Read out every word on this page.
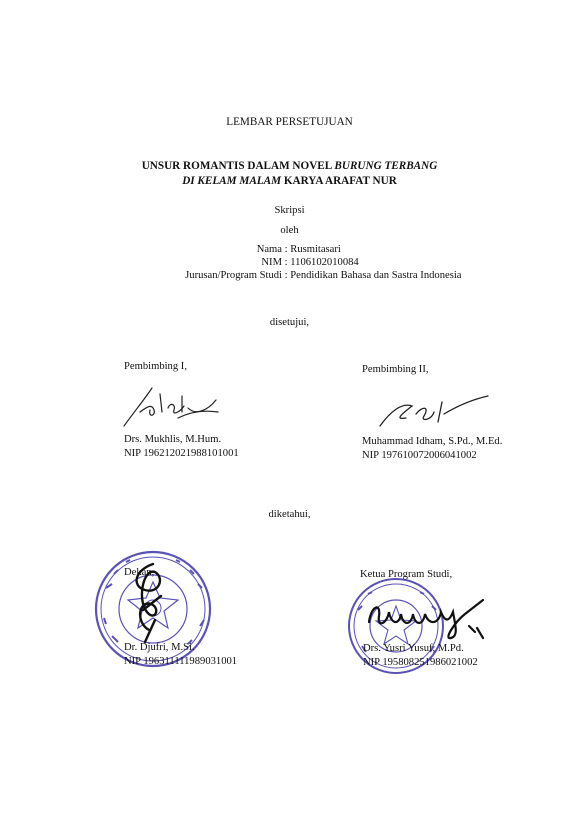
LEMBAR PERSETUJUAN
UNSUR ROMANTIS DALAM NOVEL BURUNG TERBANG
DI KELAM MALAM KARYA ARAFAT NUR
Skripsi
oleh
Nama : Rusmitasari
NIM : 1106102010084
Jurusan/Program Studi : Pendidikan Bahasa dan Sastra Indonesia
disetujui,
Pembimbing I,
Drs. Mukhlis, M.Hum.
NIP 196212021988101001
Pembimbing II,
Muhammad Idham, S.Pd., M.Ed.
NIP 197610072006041002
diketahui,
Dekan,
Dr. Djufri, M.Si.
NIP 196311111989031001
Ketua Program Studi,
Drs. Yusri Yusuf, M.Pd.
NIP 195808251986021002
